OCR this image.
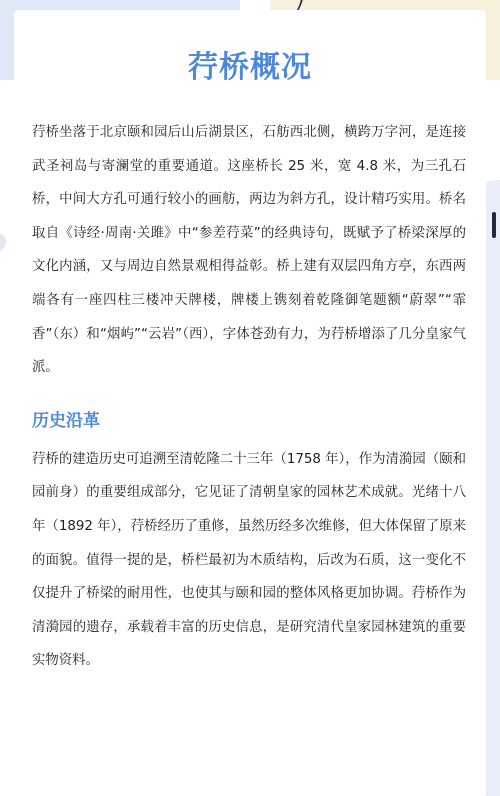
荇桥概况

荇桥坐落于北京颐和园后山后湖景区，石舫西北侧，横跨万字河，是连接武圣祠岛与寄澜堂的重要通道。这座桥长 25 米，宽 4.8 米，为三孔石桥，中间大方孔可通行较小的画舫，两边为斜方孔，设计精巧实用。桥名取自《诗经·周南·关雎》中“参差荇菜”的经典诗句，既赋予了桥梁深厚的文化内涵，又与周边自然景观相得益彰。桥上建有双层四角方亭，东西两端各有一座四柱三楼冲天牌楼，牌楼上镌刻着乾隆御笔题额“蔚翠”“霏香”（东）和“烟屿”“云岩”（西），字体苍劲有力，为荇桥增添了几分皇家气派。

历史沿革

荇桥的建造历史可追溯至清乾隆二十三年（1758 年），作为清漪园（颐和园前身）的重要组成部分，它见证了清朝皇家的园林艺术成就。光绪十八年（1892 年），荇桥经历了重修，虽然历经多次维修，但大体保留了原来的面貌。值得一提的是，桥栏最初为木质结构，后改为石质，这一变化不仅提升了桥梁的耐用性，也使其与颐和园的整体风格更加协调。荇桥作为清漪园的遗存，承载着丰富的历史信息，是研究清代皇家园林建筑的重要实物资料。
